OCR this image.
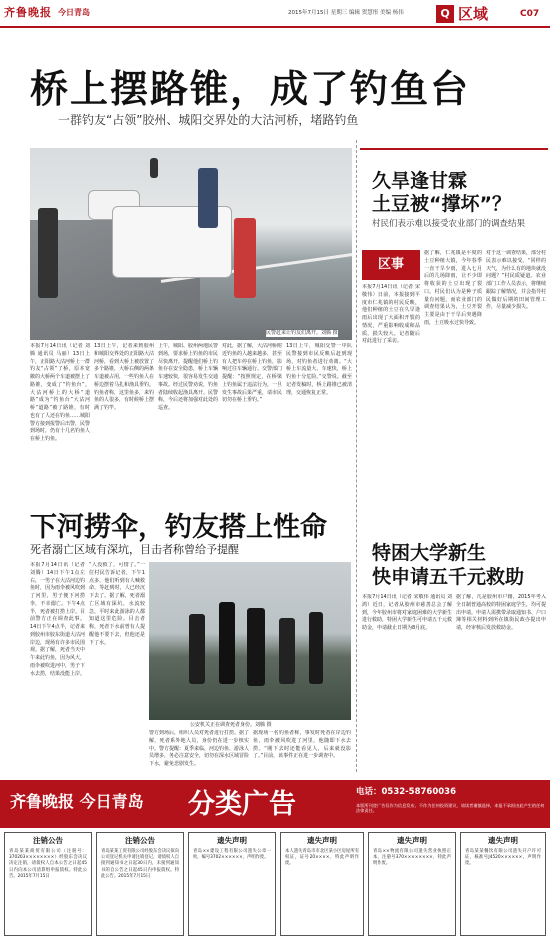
齐鲁晚报 今日青岛	2015年7月15日 星期三 编辑 贺慧彤 美编 杨伟	Q 区域	C07
桥上摆路锥，成了钓鱼台
一群钓友“占领”胶州、城阳交界处的大沽河桥，堵路钓鱼
民警赶来让钓友们离开。刘腾 摄
本报7月14日讯（记者 刘腾 通讯员 马丽）13日上午，正阳路大沽河桥上一群钓友“占领”了桥，原本宽敞的大桥两个车道被摆上了路锥，变成了“钓鱼台”。大沽河桥上的大桥“道路”成为“钓鱼台”大沽河桥“道路”被了路锥，有时也有了人还在钓鱼……城阳警方接到报警后出警，民警到场时，仍有十几名钓鱼人在桥上钓鱼。
13日上午，记者来到胶州和城阳交界处的正阳路大沽河桥，看到大桥上被放置了多个路锥，大桥右侧的两条车道被占用，一些钓鱼人在桥边摆着马扎和渔具垂钓。钓鱼者称，这里鱼多，来钓鱼的人很多，有时候桥上摆满了钓竿。
上午，城阳、胶州两地民警到场，要求桥上钓鱼的市民尽快离开，提醒他们桥上钓鱼存在安全隐患，桥上车辆车速较快，很容易发生交通事故。经过民警劝说，钓鱼者陆续收起渔具离开。民警称，今后还将加强对此处的巡查。
对此，据了解，大沽河桥附近钓鱼的人越来越多，甚至有人把车停在桥上钓鱼，影响过往车辆通行。交警部门提醒：“按照规定，在桥梁上钓鱼属于违法行为，一旦发生事故后果严重，请市民切勿在桥上垂钓。”
13日上午，城阳交警一中队民警接到市民反映后赶到现场，对钓鱼者进行劝离。“大桥上车流量大，车速快，桥上钓鱼十分危险。”交警说。截至记者发稿时，桥上路锥已被清理，交通恢复正常。
下河捞伞，钓友搭上性命
死者溺亡区域有深坑，目击者称曾给予提醒
本报7月14日讯（记者 刘腾）14日下午1点左右，一男子在大沽河边钓鱼时，因为雨伞被风吹到了河里，男子便下河捞伞，不幸溺亡。下午4点半，死者被打捞上岸。目前警方正在调查此事。14日下午4点半，记者来到胶州市胶东街道大沽河岸边，现场有许多市民围观。据了解，死者当天中午来此钓鱼，因为风大，雨伞被吹进河中，男子下水去捞，结果没能上岸。
“人没救了，可惜了。”一位村民告诉记者，下午1点多，他们听到有人喊救命，等赶到时，人已经沉下去了。据了解，死者溺亡区域有深坑，水流较急，平时来此游泳的人都知道这里危险。目击者称，死者下水前曾有人提醒他不要下去，但他还是下了水。
公安机关正在调查死者身份。刘腾 摄
警方到场后，组织人员对死者进行打捞。据了解，死者系外地人员，身份仍在进一步核实中。警方提醒：夏季来临，河边钓鱼、游泳人员增多，务必注意安全，切勿在深水区域冒险下水，避免悲剧发生。
据现场一名钓鱼者称，事发时死者在岸边钓鱼，雨伞被风吹进了河里，他随即下水去捞。“刚下去时还能看见人，后来就没影了。”目前，该事件正在进一步调查中。
久旱逢甘霖
土豆被“撑坏”？
村民们表示难以接受农业部门的调查结果
区事
本报7月14日讯（记者 宋敬伟）日前，本报接到平度市仁兆镇的村民反映，他们种植的土豆在久旱逢雨后出现了大面积开裂的情况，严重影响收成和品质，损失较大。记者随后对此进行了采访。
据了解，仁兆镇是平度的土豆种植大镇，今年春季一直干旱少雨，进入七月后的几场降雨，让不少即将收获的土豆出现了裂口。村民们认为是种子质量有问题，而农业部门的调查结果认为，土豆开裂主要是由于干旱后突遇降雨，土豆吸水过快导致。
对于这一调查结果，部分村民表示难以接受。“同样的天气，为什么有的地块就没问题？”村民质疑道。农业部门工作人员表示，将继续跟踪了解情况，并会指导村民做好后期的田间管理工作，尽量减少损失。
特困大学新生
快申请五千元救助
本报7月14日讯（记者 宋敬伟 通讯员 刘鸿）近日，记者从胶州市慈善总会了解到，今年胶州市将对家庭困难的大学新生进行救助，特困大学新生可申请五千元救助金，申请截止日期为8月底。
据了解，凡是胶州市户籍，2015年考入全日制普通高校的特困家庭学生，均可提出申请。申请人需携带录取通知书、户口簿等相关材料到所在镇街民政办提出申请，经审核后发放救助金。
齐鲁晚报 今日青岛 分类广告	电话：0532-58760036
本版所刊登广告仅作为信息发布，不作为任何投资建议，请读者谨慎选择，本报不承担由此产生的任何法律责任。
注销公告
青岛某某商贸有限公司（注册号：370203××××××××）经股东会决议决定注销，请债权人自本公告之日起45日内向本公司清算组申报债权。特此公告。2015年7月15日
注销公告
青岛某某工贸有限公司经股东会决议拟向公司登记机关申请注销登记，请债权人自接到通知书之日起30日内，未接到通知书的自公告之日起45日内申报债权。特此公告。2015年7月15日
遗失声明
青岛××建设工程有限公司遗失公章一枚，编号3702××××××，声明作废。
遗失声明
本人遗失青岛市市北区某小区房屋所有权证，证号20××××，特此声明作废。
遗失声明
青岛××物流有限公司遗失营业执照正本，注册号370××××××××，特此声明作废。
遗失声明
青岛某某餐饮有限公司遗失开户许可证，核准号J4520××××××，声明作废。
